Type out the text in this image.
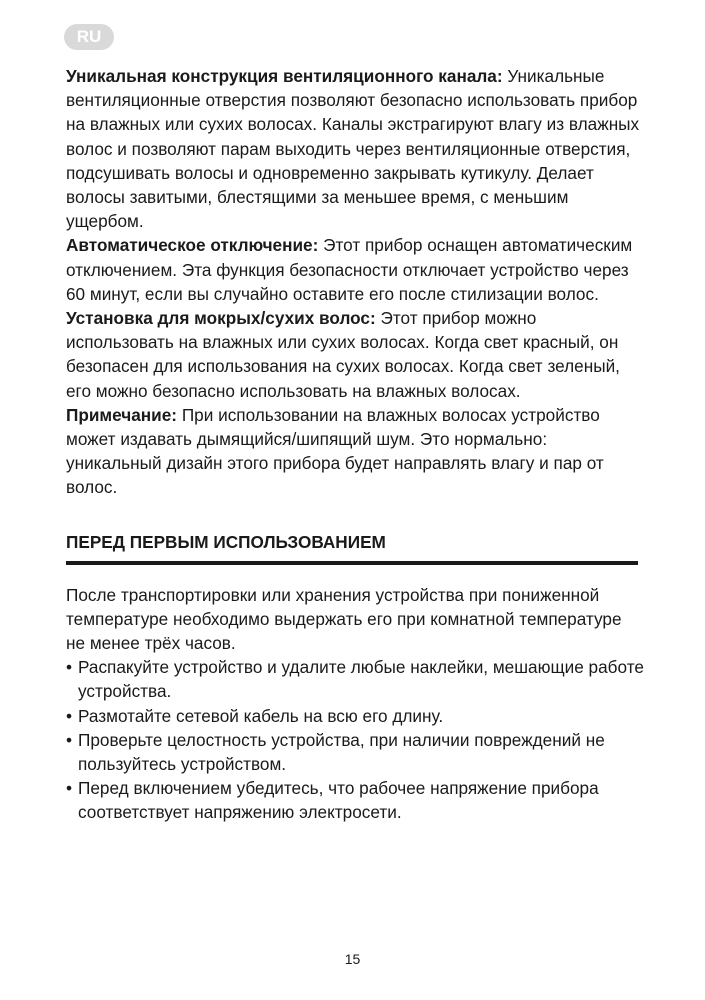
RU

Уникальная конструкция вентиляционного канала: Уникальные вентиляционные отверстия позволяют безопасно использовать прибор на влажных или сухих волосах. Каналы экстрагируют влагу из влажных волос и позволяют парам выходить через вентиляционные отверстия, подсушивать волосы и одновременно закрывать кутикулу. Делает волосы завитыми, блестящими за меньшее время, с меньшим ущербом.

Автоматическое отключение: Этот прибор оснащен автоматическим отключением. Эта функция безопасности отключает устройство через 60 минут, если вы случайно оставите его после стилизации волос.

Установка для мокрых/сухих волос: Этот прибор можно использовать на влажных или сухих волосах. Когда свет красный, он безопасен для использования на сухих волосах. Когда свет зеленый, его можно безопасно использовать на влажных волосах.

Примечание: При использовании на влажных волосах устройство может издавать дымящийся/шипящий шум. Это нормально: уникальный дизайн этого прибора будет направлять влагу и пар от волос.

ПЕРЕД ПЕРВЫМ ИСПОЛЬЗОВАНИЕМ

После транспортировки или хранения устройства при пониженной температуре необходимо выдержать его при комнатной температуре не менее трёх часов.

• Распакуйте устройство и удалите любые наклейки, мешающие работе устройства.
• Размотайте сетевой кабель на всю его длину.
• Проверьте целостность устройства, при наличии повреждений не пользуйтесь устройством.
• Перед включением убедитесь, что рабочее напряжение прибора соответствует напряжению электросети.
15
